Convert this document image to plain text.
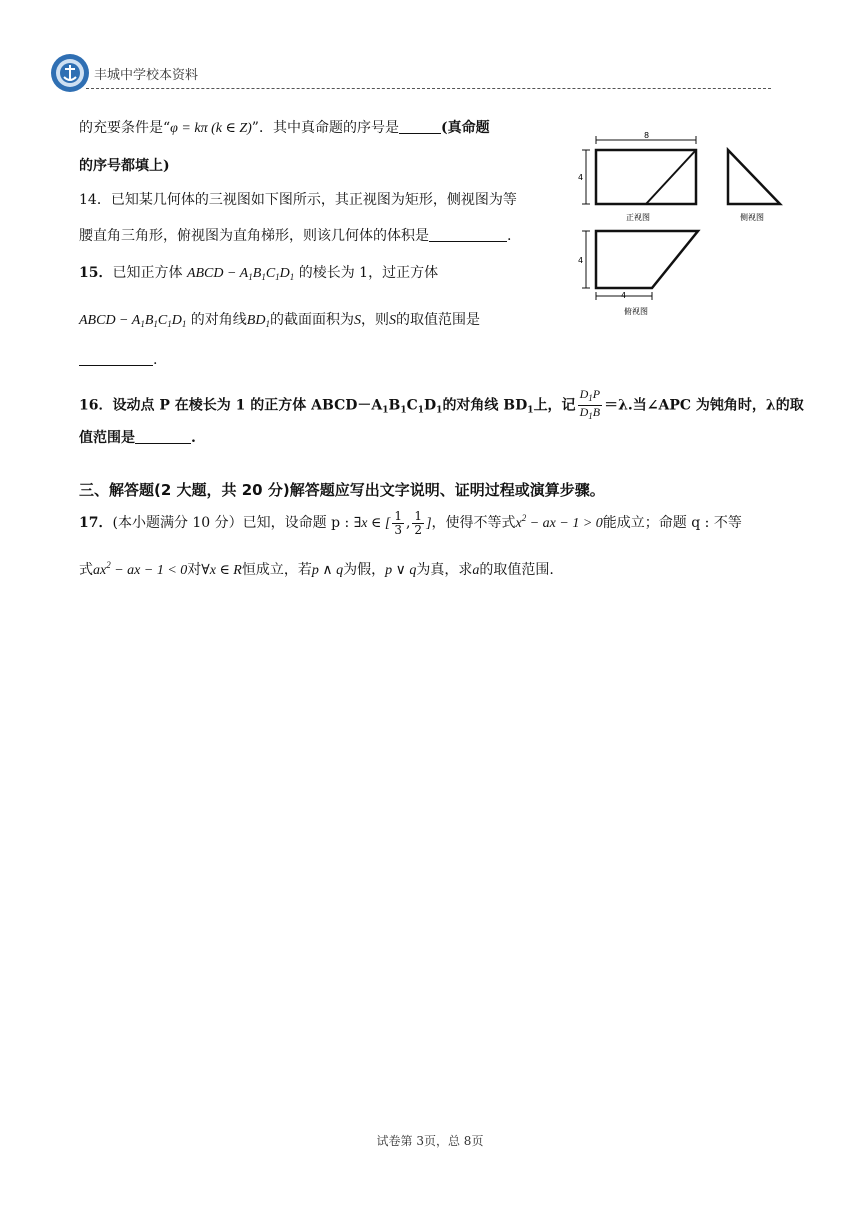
丰城中学校本资料
的充要条件是“φ = kπ (k ∈ Z)”．其中真命题的序号是	(真命题
的序号都填上)
14．已知某几何体的三视图如下图所示，其正视图为矩形，侧视图为等
腰直角三角形，俯视图为直角梯形，则该几何体的体积是	.
15．已知正方体 ABCD − $A_1B_1C_1D_1$ 的棱长为 1，过正方体
ABCD − $A_1B_1C_1D_1$ 的对角线$BD_1$的截面面积为S，则S的取值范围是
.
16．设动点 P 在棱长为 1 的正方体 $ABCD-A_1B_1C_1D_1$的对角线 $BD_1$上，记 $\frac{D_1P}{D_1B} =\lambda$.当∠APC 为钝角时，λ的取
值范围是	.
三、解答题(2 大题，共 20 分)解答题应写出文字说明、证明过程或演算步骤。
17．(本小题满分 10 分）已知，设命题 p : ∃x ∈ [ $\frac{1}{3}$ , $\frac{1}{2}$ ]，使得不等式$x^2$ − ax − 1 > 0能成立；命题 q : 不等
式$ax^2$ − ax − 1 < 0对∀x ∈ R恒成立，若p ∧ q为假，p ∨ q为真，求a的取值范围.
8
4
正视图	侧视图
4
4
俯视图
试卷第 3页，总 8页
